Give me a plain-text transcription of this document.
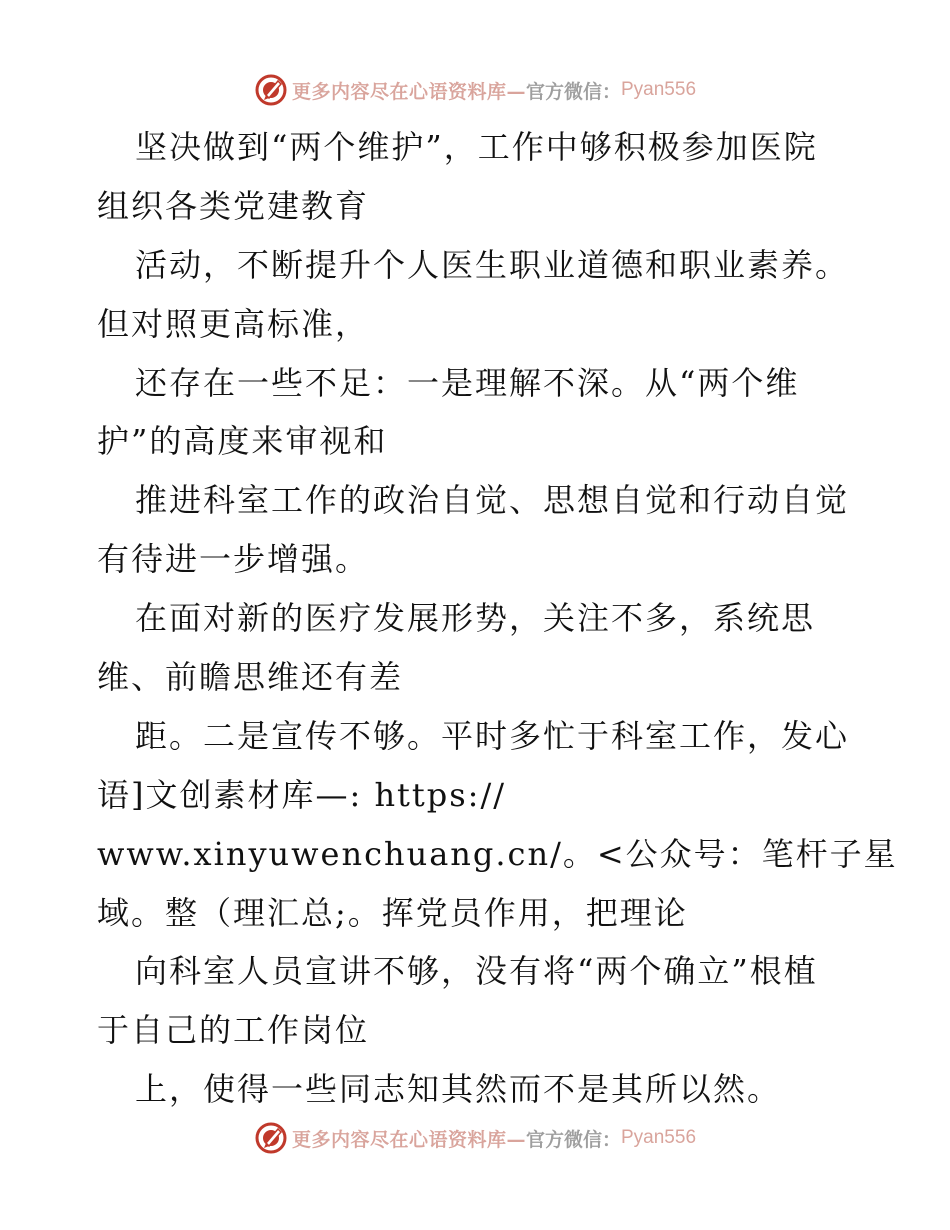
更多内容尽在心语资料库— 官方微信： Pyan556
坚决做到“两个维护”，工作中够积极参加医院
组织各类党建教育
活动，不断提升个人医生职业道德和职业素养。
但对照更高标准，
还存在一些不足：一是理解不深。从“两个维
护”的高度来审视和
推进科室工作的政治自觉、思想自觉和行动自觉
有待进一步增强。
在面对新的医疗发展形势，关注不多，系统思
维、前瞻思维还有差
距。二是宣传不够。平时多忙于科室工作，发心
语]文创素材库—: https://
www.xinyuwenchuang.cn/。<公众号：笔杆子星
域。整（理汇总;。挥党员作用，把理论
向科室人员宣讲不够，没有将“两个确立”根植
于自己的工作岗位
上，使得一些同志知其然而不是其所以然。
更多内容尽在心语资料库— 官方微信： Pyan556
